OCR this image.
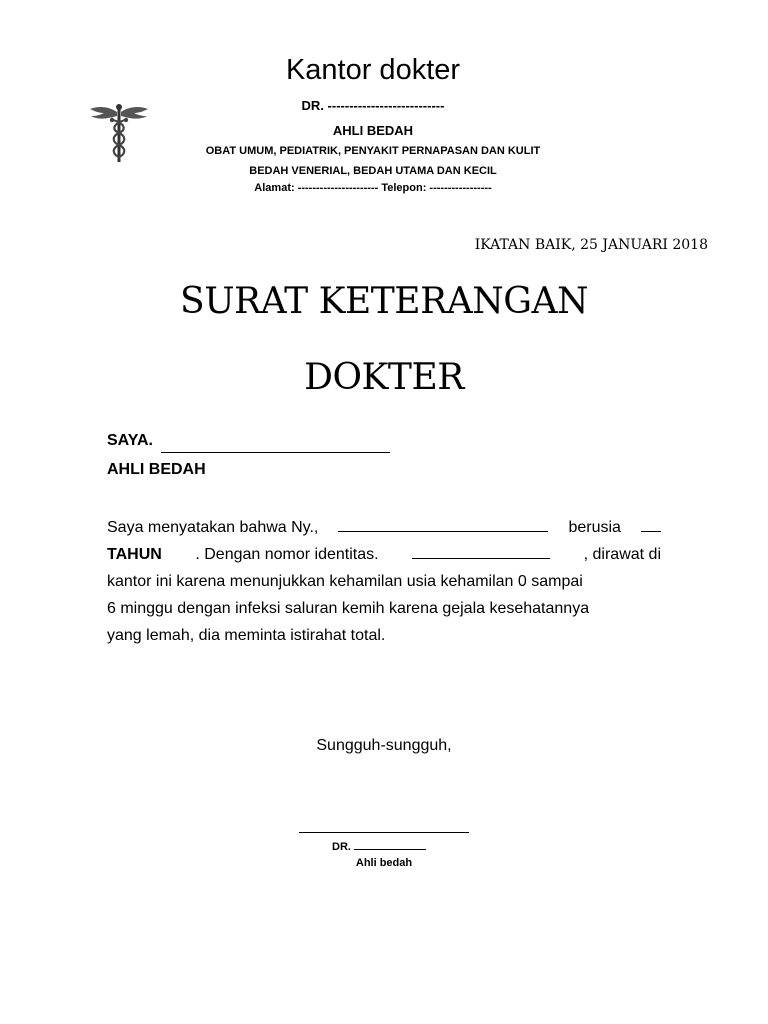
Kantor dokter
DR. ---------------------------
AHLI BEDAH
OBAT UMUM, PEDIATRIK, PENYAKIT PERNAPASAN DAN KULIT
BEDAH VENERIAL, BEDAH UTAMA DAN KECIL
Alamat: ---------------------- Telepon: -----------------
IKATAN BAIK, 25 JANUARI 2018
SURAT KETERANGAN
DOKTER
SAYA.
AHLI BEDAH
Saya menyatakan bahwa Ny.,	berusia
TAHUN . Dengan nomor identitas.	, dirawat di
kantor ini karena menunjukkan kehamilan usia kehamilan 0 sampai
6 minggu dengan infeksi saluran kemih karena gejala kesehatannya
yang lemah, dia meminta istirahat total.
Sungguh-sungguh,
DR.
Ahli bedah
